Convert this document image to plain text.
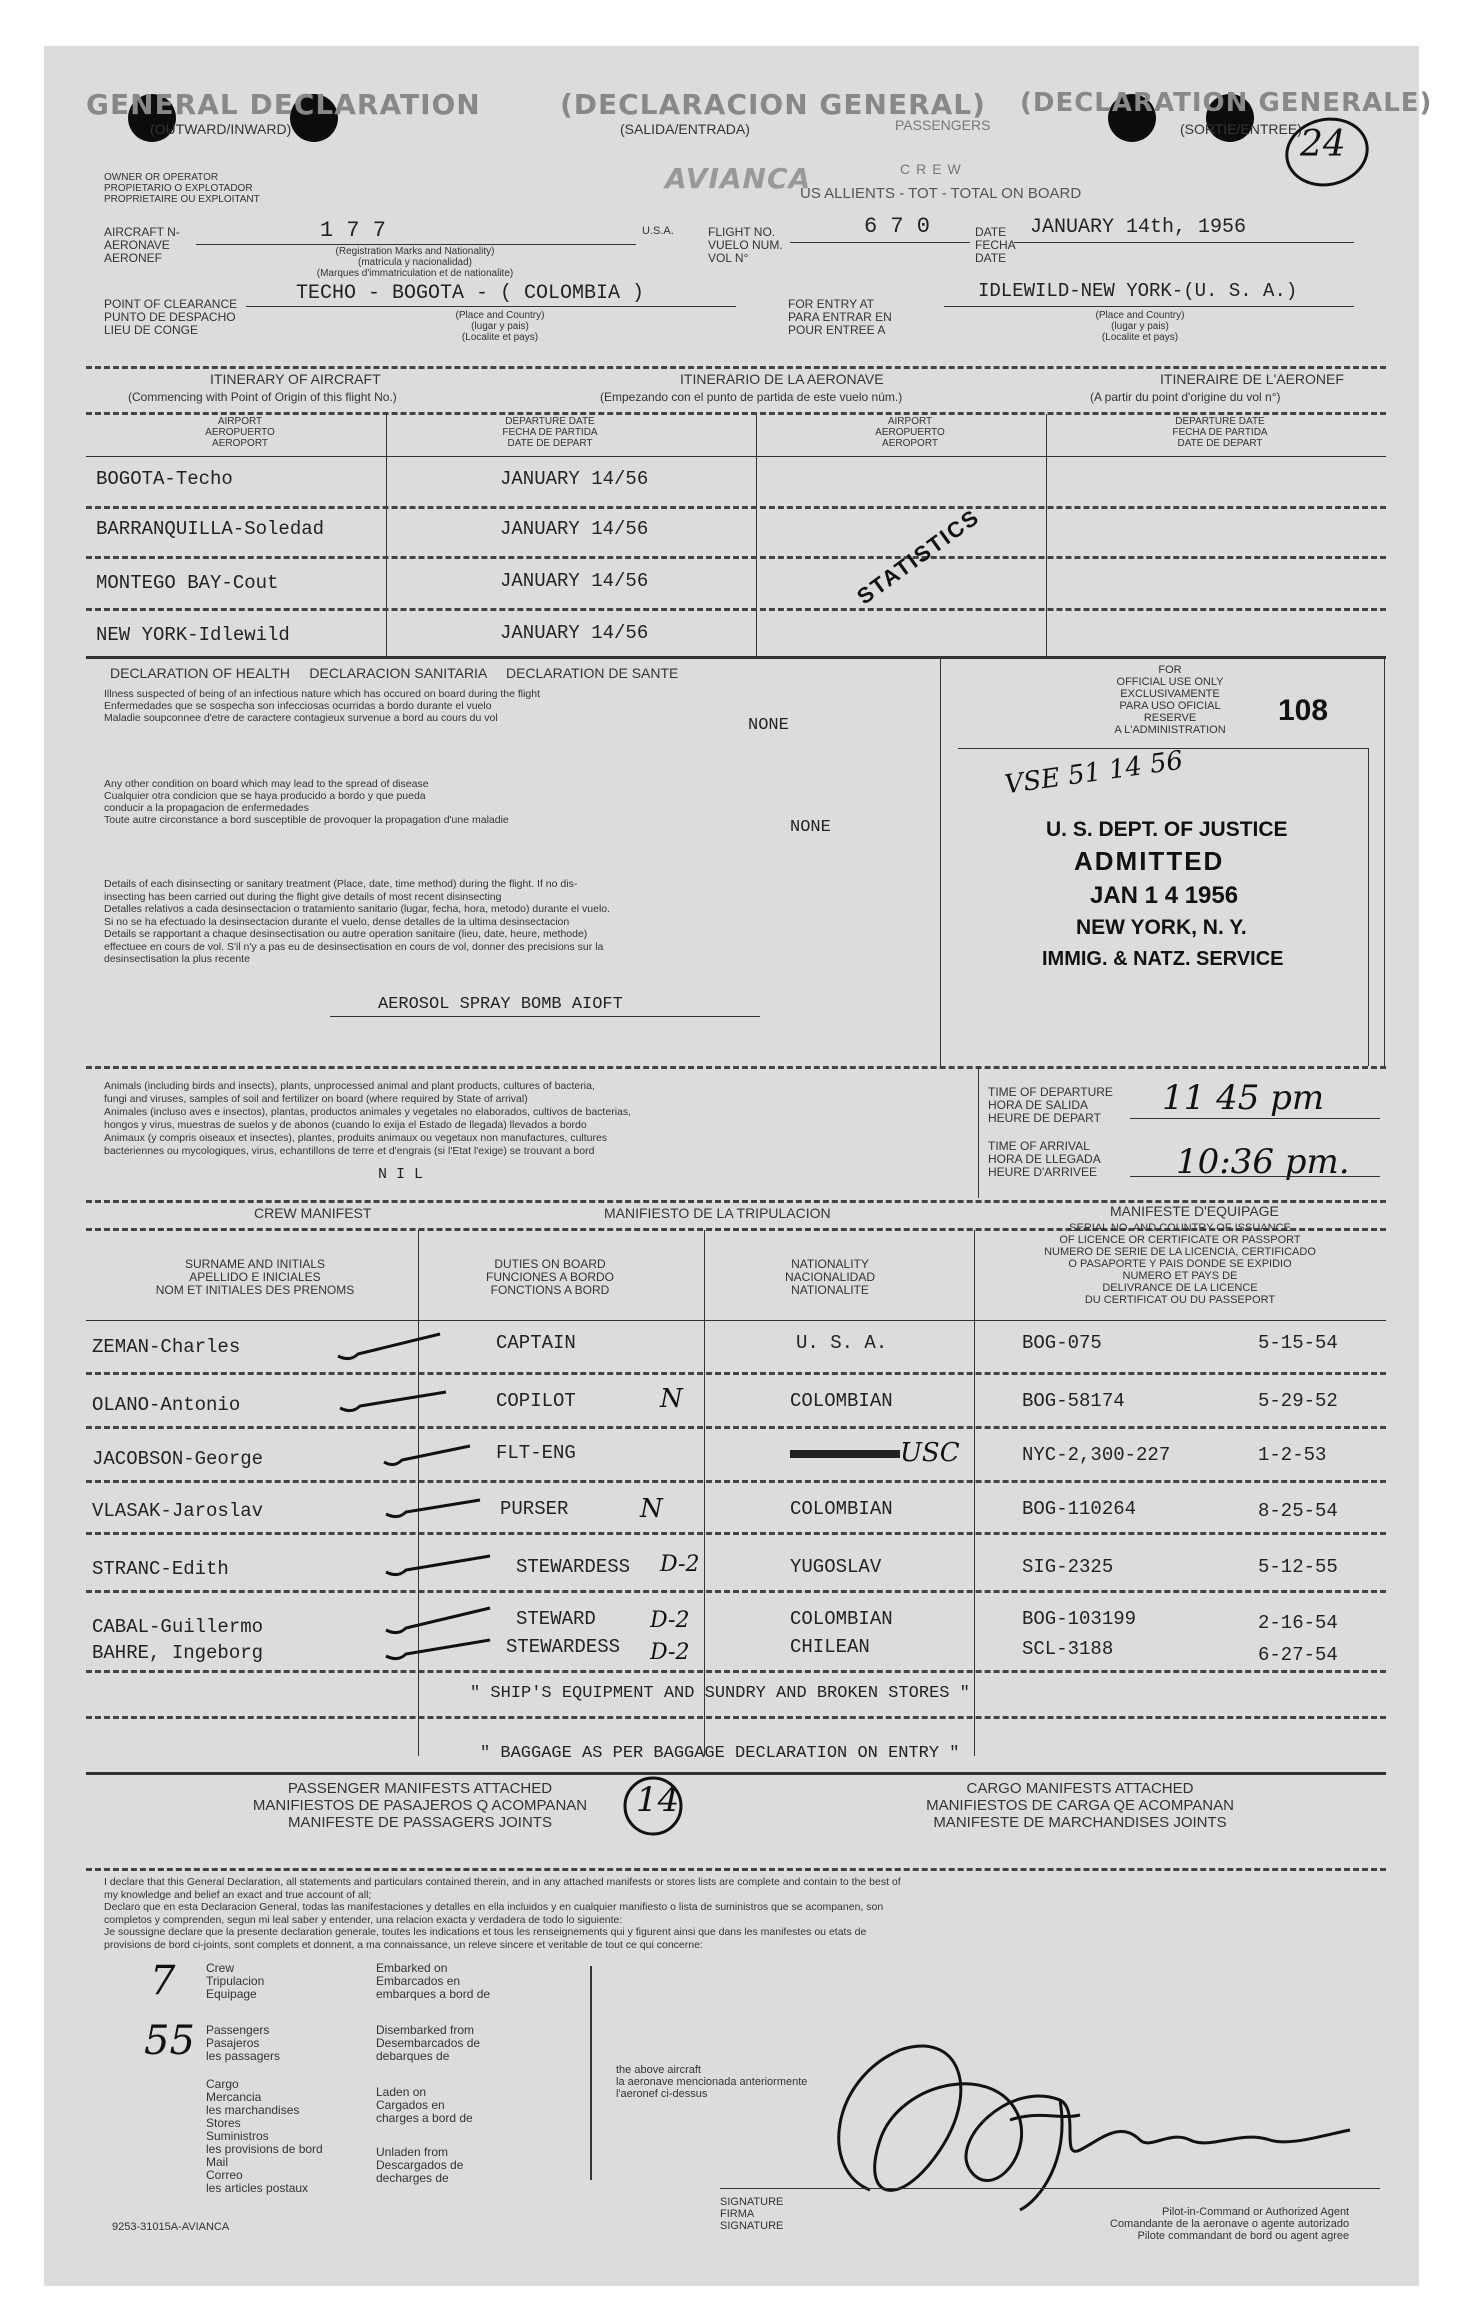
GENERAL DECLARATION	(DECLARACION GENERAL) (DECLARATION GENERALE)
(OUTWARD/INWARD)	(SALIDA/ENTRADA)	(SORTIE/ENTREE)
PASSENGERS
CREW
AVIANCA
US ALLIENTS - TOT - TOTAL ON BOARD
24
OWNER OR OPERATOR
PROPIETARIO O EXPLOTADOR
PROPRIETAIRE OU EXPLOITANT
AIRCRAFT N-
AERONAVE
AERONEF
1 7 7
(Registration Marks and Nationality)
(matricula y nacionalidad)
(Marques d'immatriculation et de nationalite)
U.S.A.	FLIGHT NO.
VUELO NUM.
VOL N°
6 7 0	DATE
FECHA
DATE
JANUARY 14th, 1956
POINT OF CLEARANCE
PUNTO DE DESPACHO
LIEU DE CONGE
TECHO - BOGOTA - ( COLOMBIA )
(Place and Country)
(lugar y pais)
(Localite et pays)
FOR ENTRY AT
PARA ENTRAR EN
POUR ENTREE A
IDLEWILD-NEW YORK-(U. S. A.)
(Place and Country)
(lugar y pais)
(Localite et pays)
ITINERARY OF AIRCRAFT
(Commencing with Point of Origin of this flight No.)
ITINERARIO DE LA AERONAVE
(Empezando con el punto de partida de este vuelo núm.)
ITINERAIRE DE L'AERONEF
(A partir du point d'origine du vol n°)
AIRPORT
AEROPUERTO
AEROPORT
DEPARTURE DATE
FECHA DE PARTIDA
DATE DE DEPART
AIRPORT
AEROPUERTO
AEROPORT
DEPARTURE DATE
FECHA DE PARTIDA
DATE DE DEPART
BOGOTA-Techo	JANUARY 14/56
BARRANQUILLA-Soledad	JANUARY 14/56
MONTEGO BAY-Cout	JANUARY 14/56
NEW YORK-Idlewild	JANUARY 14/56
STATISTICS
DECLARATION OF HEALTH     DECLARACION SANITARIA     DECLARATION DE SANTE
Illness suspected of being of an infectious nature which has occured on board during the flight
Enfermedades que se sospecha son infecciosas ocurridas a bordo durante el vuelo
Maladie soupconnee d'etre de caractere contagieux survenue a bord au cours du vol	NONE
Any other condition on board which may lead to the spread of disease
Cualquier otra condicion que se haya producido a bordo y que pueda
conducir a la propagacion de enfermedades
Toute autre circonstance a bord susceptible de provoquer la propagation d'une maladie	NONE
Details of each disinsecting or sanitary treatment (Place, date, time method) during the flight. If no dis-
insecting has been carried out during the flight give details of most recent disinsecting
Detalles relativos a cada desinsectacion o tratamiento sanitario (lugar, fecha, hora, metodo) durante el vuelo.
Si no se ha efectuado la desinsectacion durante el vuelo, dense detalles de la ultima desinsectacion
Details se rapportant a chaque desinsectisation ou autre operation sanitaire (lieu, date, heure, methode)
effectuee en cours de vol. S'il n'y a pas eu de desinsectisation en cours de vol, donner des precisions sur la
desinsectisation la plus recente
AEROSOL SPRAY BOMB AIOFT
FOR
OFFICIAL USE ONLY
EXCLUSIVAMENTE
PARA USO OFICIAL
RESERVE
A L'ADMINISTRATION
108
VSE 51 14 56
U. S. DEPT. OF JUSTICE
ADMITTED
JAN 1 4 1956
NEW YORK, N. Y.
IMMIG. & NATZ. SERVICE
Animals (including birds and insects), plants, unprocessed animal and plant products, cultures of bacteria,
fungi and viruses, samples of soil and fertilizer on board (where required by State of arrival)
Animales (incluso aves e insectos), plantas, productos animales y vegetales no elaborados, cultivos de bacterias,
hongos y virus, muestras de suelos y de abonos (cuando lo exija el Estado de llegada) llevados a bordo
Animaux (y compris oiseaux et insectes), plantes, produits animaux ou vegetaux non manufactures, cultures
bacteriennes ou mycologiques, virus, echantillons de terre et d'engrais (si l'Etat l'exige) se trouvant a bord
N I L
TIME OF DEPARTURE
HORA DE SALIDA
HEURE DE DEPART	11 45 pm
TIME OF ARRIVAL
HORA DE LLEGADA
HEURE D'ARRIVEE 10:36 pm.
CREW MANIFEST	MANIFIESTO DE LA TRIPULACION	MANIFESTE D'EQUIPAGE
SURNAME AND INITIALS
APELLIDO E INICIALES
NOM ET INITIALES DES PRENOMS
DUTIES ON BOARD
FUNCIONES A BORDO
FONCTIONS A BORD
NATIONALITY
NACIONALIDAD
NATIONALITE
SERIAL NO. AND COUNTRY OF ISSUANCE
OF LICENCE OR CERTIFICATE OR PASSPORT
NUMERO DE SERIE DE LA LICENCIA, CERTIFICADO
O PASAPORTE Y PAIS DONDE SE EXPIDIO
NUMERO ET PAYS DE
DELIVRANCE DE LA LICENCE
DU CERTIFICAT OU DU PASSEPORT
ZEMAN-Charles	CAPTAIN	U. S. A.	BOG-075	5-15-54
OLANO-Antonio	COPILOT	N	COLOMBIAN	BOG-58174	5-29-52
JACOBSON-George	FLT-ENG	USC	NYC-2,300-227	1-2-53
VLASAK-Jaroslav	PURSER	N	COLOMBIAN	BOG-110264	8-25-54
STRANC-Edith	STEWARDESS D-2	YUGOSLAV	SIG-2325	5-12-55
CABAL-Guillermo	STEWARD D-2	COLOMBIAN	BOG-103199	2-16-54
BAHRE, Ingeborg	STEWARDESS D-2	CHILEAN	SCL-3188	6-27-54
" SHIP'S EQUIPMENT AND SUNDRY AND BROKEN STORES "
" BAGGAGE AS PER BAGGAGE DECLARATION ON ENTRY "
PASSENGER MANIFESTS ATTACHED
MANIFIESTOS DE PASAJEROS Q ACOMPANAN
MANIFESTE DE PASSAGERS JOINTS
14	CARGO MANIFESTS ATTACHED
MANIFIESTOS DE CARGA QE ACOMPANAN
MANIFESTE DE MARCHANDISES JOINTS
I declare that this General Declaration, all statements and particulars contained therein, and in any attached manifests or stores lists are complete and contain to the best of
my knowledge and belief an exact and true account of all;
Declaro que en esta Declaracion General, todas las manifestaciones y detalles en ella incluidos y en cualquier manifiesto o lista de suministros que se acompanen, son
completos y comprenden, segun mi leal saber y entender, una relacion exacta y verdadera de todo lo siguiente:
Je soussigne declare que la presente declaration generale, toutes les indications et tous les renseignements qui y figurent ainsi que dans les manifestes ou etats de
provisions de bord ci-joints, sont complets et donnent, a ma connaissance, un releve sincere et veritable de tout ce qui concerne:
7	Crew
Tripulacion
Equipage
55 Passengers
Pasajeros
les passagers
Cargo
Mercancia
les marchandises
Stores
Suministros
les provisions de bord
Mail
Correo
les articles postaux
Embarked on
Embarcados en
embarques a bord de
Disembarked from
Desembarcados de
debarques de
Laden on
Cargados en
charges a bord de
Unladen from
Descargados de
decharges de
the above aircraft
la aeronave mencionada anteriormente
l'aeronef ci-dessus
SIGNATURE
FIRMA
SIGNATURE
Pilot-in-Command or Authorized Agent
Comandante de la aeronave o agente autorizado
Pilote commandant de bord ou agent agree
9253-31015A-AVIANCA
